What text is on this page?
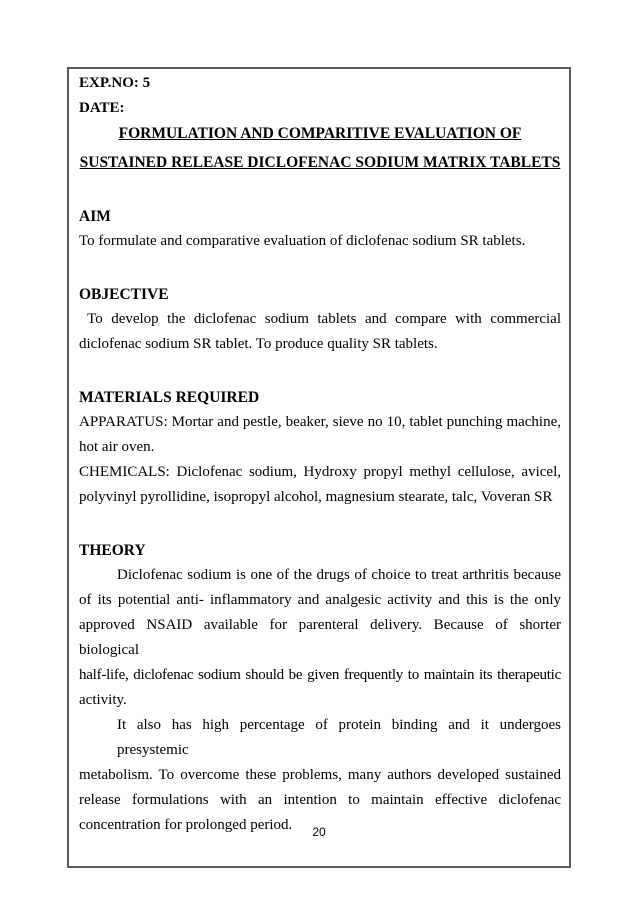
EXP.NO: 5
DATE:
FORMULATION AND COMPARITIVE EVALUATION OF
SUSTAINED RELEASE DICLOFENAC SODIUM MATRIX TABLETS
AIM
To formulate and comparative evaluation of diclofenac sodium SR tablets.
OBJECTIVE
To develop the diclofenac sodium tablets and compare with commercial
diclofenac sodium SR tablet. To produce quality SR tablets.
MATERIALS REQUIRED
APPARATUS: Mortar and pestle, beaker, sieve no 10, tablet punching machine,
hot air oven.
CHEMICALS: Diclofenac sodium, Hydroxy propyl methyl cellulose, avicel,
polyvinyl pyrollidine, isopropyl alcohol, magnesium stearate, talc, Voveran SR
THEORY
Diclofenac sodium is one of the drugs of choice to treat arthritis because
of its potential anti- inflammatory and analgesic activity and this is the only
approved NSAID available for parenteral delivery. Because of shorter biological
half-life, diclofenac sodium should be given frequently to maintain its therapeutic
activity.
It also has high percentage of protein binding and it undergoes presystemic
metabolism. To overcome these problems, many authors developed sustained
release formulations with an intention to maintain effective diclofenac
concentration for prolonged period.	20
